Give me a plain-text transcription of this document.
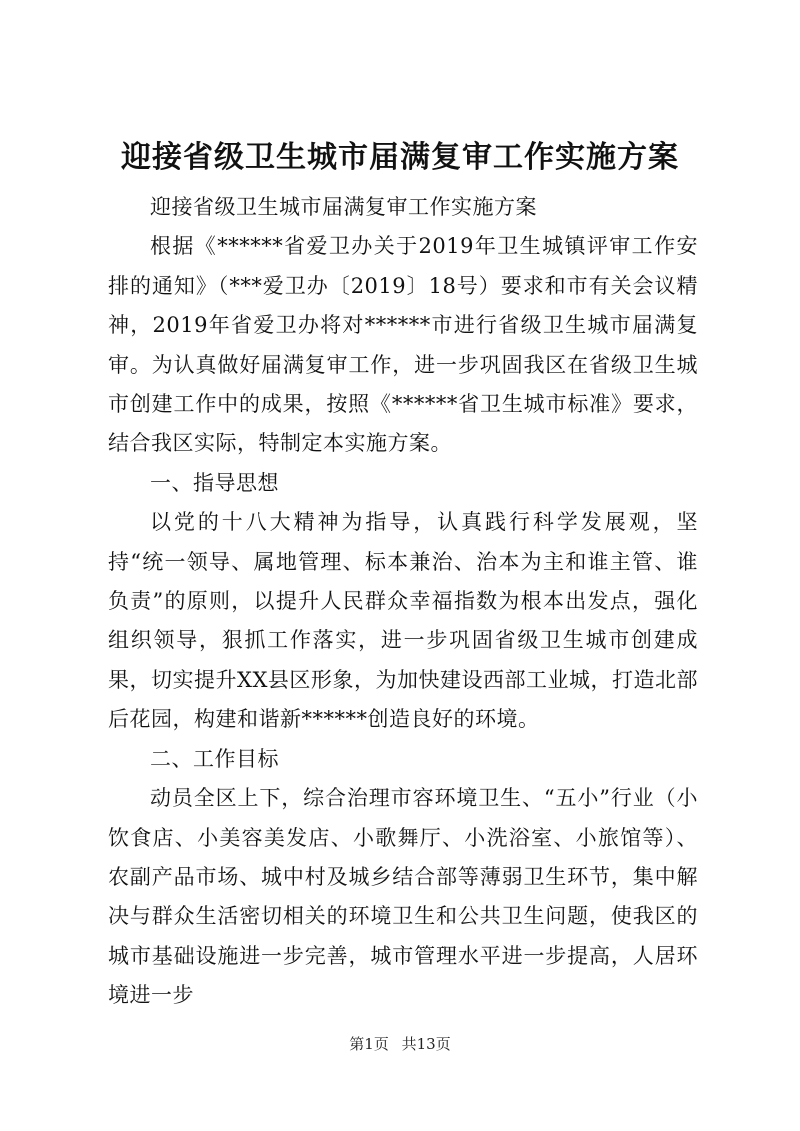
迎接省级卫生城市届满复审工作实施方案

迎接省级卫生城市届满复审工作实施方案

根据《******省爱卫办关于2019年卫生城镇评审工作安排的通知》（***爱卫办〔2019〕18号）要求和市有关会议精神，2019年省爱卫办将对******市进行省级卫生城市届满复审。为认真做好届满复审工作，进一步巩固我区在省级卫生城市创建工作中的成果，按照《******省卫生城市标准》要求，结合我区实际，特制定本实施方案。

一、指导思想

以党的十八大精神为指导，认真践行科学发展观，坚持“统一领导、属地管理、标本兼治、治本为主和谁主管、谁负责”的原则，以提升人民群众幸福指数为根本出发点，强化组织领导，狠抓工作落实，进一步巩固省级卫生城市创建成果，切实提升XX县区形象，为加快建设西部工业城，打造北部后花园，构建和谐新******创造良好的环境。

二、工作目标

动员全区上下，综合治理市容环境卫生、“五小”行业（小饮食店、小美容美发店、小歌舞厅、小洗浴室、小旅馆等）、农副产品市场、城中村及城乡结合部等薄弱卫生环节，集中解决与群众生活密切相关的环境卫生和公共卫生问题，使我区的城市基础设施进一步完善，城市管理水平进一步提高，人居环境进一步

第1页 共13页
